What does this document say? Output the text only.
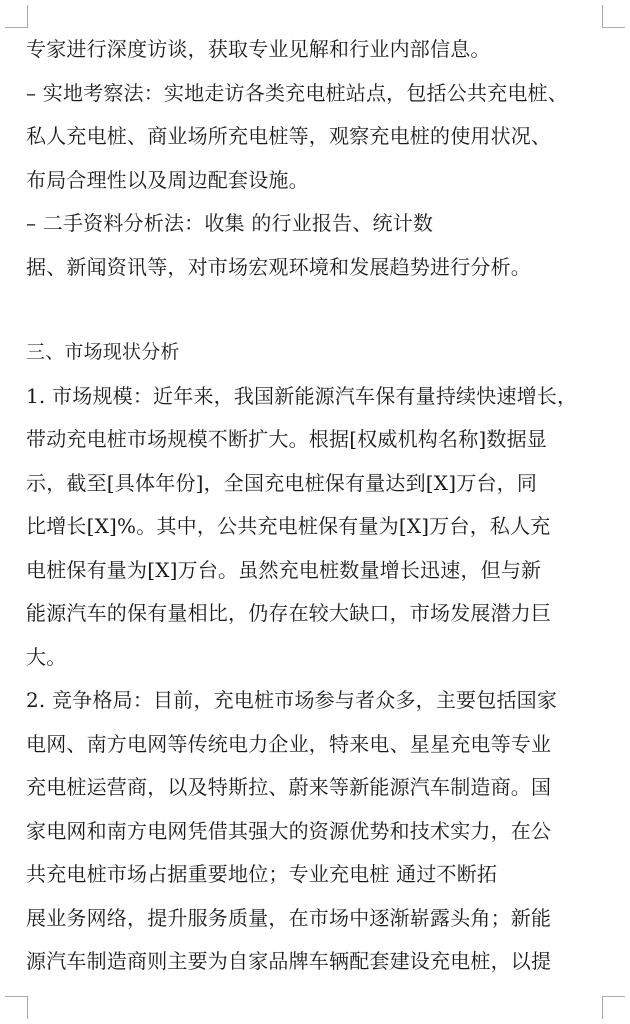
专家进行深度访谈，获取专业见解和行业内部信息。
– 实地考察法：实地走访各类充电桩站点，包括公共充电桩、
私人充电桩、商业场所充电桩等，观察充电桩的使用状况、
布局合理性以及周边配套设施。
– 二手资料分析法：收集 的行业报告、统计数
据、新闻资讯等，对市场宏观环境和发展趋势进行分析。
三、市场现状分析
1. 市场规模：近年来，我国新能源汽车保有量持续快速增长，
带动充电桩市场规模不断扩大。根据[权威机构名称]数据显
示，截至[具体年份]，全国充电桩保有量达到[X]万台，同
比增长[X]%。其中，公共充电桩保有量为[X]万台，私人充
电桩保有量为[X]万台。虽然充电桩数量增长迅速，但与新
能源汽车的保有量相比，仍存在较大缺口，市场发展潜力巨
大。
2. 竞争格局：目前，充电桩市场参与者众多，主要包括国家
电网、南方电网等传统电力企业，特来电、星星充电等专业
充电桩运营商，以及特斯拉、蔚来等新能源汽车制造商。国
家电网和南方电网凭借其强大的资源优势和技术实力，在公
共充电桩市场占据重要地位；专业充电桩 通过不断拓
展业务网络，提升服务质量，在市场中逐渐崭露头角；新能
源汽车制造商则主要为自家品牌车辆配套建设充电桩，以提
